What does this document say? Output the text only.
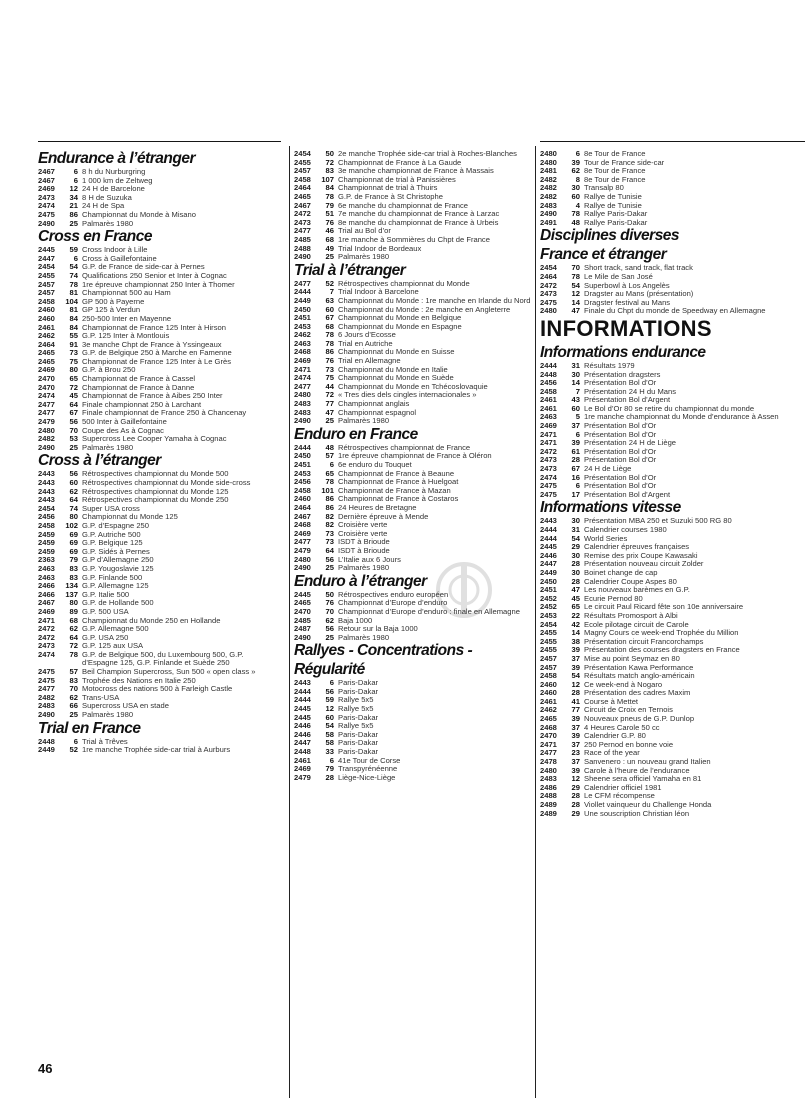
Endurance à l’étranger
2467	6 8 h du Nurburgring
2467	6 1 000 km de Zeltweg
2469	12 24 H de Barcelone
2473	34 8 H de Suzuka
2474	21 24 H de Spa
2475	86 Championnat du Monde à Misano
2490	25 Palmarès 1980
Cross en France
2445	59 Cross Indoor à Lille
2447	6 Cross à Gaillefontaine
2454	54 G.P. de France de side-car à Pernes
2455	74 Qualifications 250 Senior et Inter à Cognac
2457	78 1re épreuve championnat 250 Inter à Thomer
2457	81 Championnat 500 au Ham
2458	104 GP 500 à Payerne
2460	81 GP 125 à Verdun
2460	84 250-500 Inter en Mayenne
2461	84 Championnat de France 125 Inter à Hirson
2462	55 G.P. 125 Inter à Montlouis
2464	91 3e manche Chpt de France à Yssingeaux
2465	73 G.P. de Belgique 250 à Marche en Famenne
2465	75 Championnat de France 125 Inter à Le Grès
2469	80 G.P. à Brou 250
2470	65 Championnat de France à Cassel
2470	72 Championnat de France à Danne
2474	45 Championnat de France à Aibes 250 Inter
2477	64 Finale championnat 250 à Larchant
2477	67 Finale championnat de France 250 à Chancenay
2479	56 500 Inter à Gaillefontaine
2480	70 Coupe des As à Cognac
2482	53 Supercross Lee Cooper Yamaha à Cognac
2490	25 Palmarès 1980
Cross à l’étranger
2443	56 Rétrospectives championnat du Monde 500
2443	60 Rétrospectives championnat du Monde side-cross
2443	62 Rétrospectives championnat du Monde 125
2443	64 Rétrospectives championnat du Monde 250
2454	74 Super USA cross
2456	80 Championnat du Monde 125
2458	102 G.P. d’Espagne 250
2459	69 G.P. Autriche 500
2459	69 G.P. Belgique 125
2459	69 G.P. Sidés à Pernes
2363	79 G.P d’Allemagne 250
2463	83 G.P. Yougoslavie 125
2463	83 G.P. Finlande 500
2466	134 G.P. Allemagne 125
2466	137 G.P. Italie 500
2467	80 G.P. de Hollande 500
2469	89 G.P. 500 USA
2471	68 Championnat du Monde 250 en Hollande
2472	62 G.P. Allemagne 500
2472	64 G.P. USA 250
2473	72 G.P. 125 aux USA
2474	78 G.P. de Belgique 500, du Luxembourg 500, G.P. d’Espagne 125, G.P. Finlande et Suède 250
2475	57 Beil Champion Supercross, Sun 500 « open class »
2475	83 Trophée des Nations en Italie 250
2477	70 Motocross des nations 500 à Farleigh Castle
2482	62 Trans-USA
2483	66 Supercross USA en stade
2490	25 Palmarès 1980
Trial en France
2448	6 Trial à Trêves
2449	52 1re manche Trophée side-car trial à Aurburs
2454	50 2e manche Trophée side-car trial à Roches-Blanches
2455	72 Championnat de France à La Gaude
2457	83 3e manche championnat de France à Massais
2458	107 Championnat de trial à Panissières
2464	84 Championnat de trial à Thuirs
2465	78 G.P. de France à St Christophe
2467	79 6e manche du championnat de France
2472	51 7e manche du championnat de France à Larzac
2473	76 8e manche du championnat de France à Urbeis
2477	46 Trial au Bol d’or
2485	68 1re manche à Sommières du Chpt de France
2488	49 Trial Indoor de Bordeaux
2490	25 Palmarès 1980
Trial à l’étranger
2477	52 Rétrospectives championnat du Monde
2444	7 Trial Indoor à Barcelone
2449	63 Championnat du Monde : 1re manche en Irlande du Nord
2450	60 Championnat du Monde : 2e manche en Angleterre
2451	67 Championnat du Monde en Belgique
2453	68 Championnat du Monde en Espagne
2462	78 6 Jours d’Ecosse
2463	78 Trial en Autriche
2468	86 Championnat du Monde en Suisse
2469	76 Trial en Allemagne
2471	73 Championnat du Monde en Italie
2474	75 Championnat du Monde en Suède
2477	44 Championnat du Monde en Tchécoslovaquie
2480	72 « Tres dies dels cingles internacionales »
2483	77 Championnat anglais
2483	47 Championnat espagnol
2490	25 Palmarès 1980
Enduro en France
2444	48 Rétrospectives championnat de France
2450	57 1re épreuve championnat de France à Oléron
2451	6 6e enduro du Touquet
2453	65 Championnat de France à Beaune
2456	78 Championnat de France à Huelgoat
2458	101 Championnat de France à Mazan
2460	86 Championnat de France à Costaros
2464	86 24 Heures de Bretagne
2467	82 Dernière épreuve à Mende
2468	82 Croisière verte
2469	73 Croisière verte
2477	73 ISDT à Brioude
2479	64 ISDT à Brioude
2480	56 L’Italie aux 6 Jours
2490	25 Palmarès 1980
Enduro à l’étranger
2445	50 Rétrospectives enduro européen
2465	76 Championnat d’Europe d’enduro
2470	70 Championnat d’Europe d’enduro : finale en Allemagne
2485	62 Baja 1000
2487	56 Retour sur la Baja 1000
2490	25 Palmarès 1980
Rallyes - Concentrations -
Régularité
2443	6 Paris-Dakar
2444	56 Paris-Dakar
2444	59 Rallye 5x5
2445	12 Rallye 5x5
2445	60 Paris-Dakar
2446	54 Rallye 5x5
2446	58 Paris-Dakar
2447	58 Paris-Dakar
2448	33 Paris-Dakar
2461	6 41e Tour de Corse
2469	79 Transpyrénéenne
2479	28 Liège-Nice-Liège
2480	6 8e Tour de France
2480	39 Tour de France side-car
2481	62 8e Tour de France
2482	8 8e Tour de France
2482	30 Transalp 80
2482	60 Rallye de Tunisie
2483	4 Rallye de Tunisie
2490	78 Rallye Paris-Dakar
2491	48 Rallye Paris-Dakar
Disciplines diverses
France et étranger
2454	70 Short track, sand track, flat track
2464	78 Le Mile de San José
2472	54 Superbowl à Los Angelès
2473	12 Dragster au Mans (présentation)
2475	14 Dragster festival au Mans
2480	47 Finale du Chpt du monde de Speedway en Allemagne
INFORMATIONS
Informations endurance
2444	31 Résultats 1979
2448	30 Présentation dragsters
2456	14 Présentation Bol d’Or
2458	7 Présentation 24 H du Mans
2461	43 Présentation Bol d’Argent
2461	60 Le Bol d’Or 80 se retire du championnat du monde
2463	5 1re manche championnat du Monde d’endurance à Assen
2469	37 Présentation Bol d’Or
2471	6 Présentation Bol d’Or
2471	39 Présentation 24 H de Liège
2472	61 Présentation Bol d’Or
2473	28 Présentation Bol d’Or
2473	67 24 H de Liège
2474	16 Présentation Bol d’Or
2475	6 Présentation Bol d’Or
2475	17 Présentation Bol d’Argent
Informations vitesse
2443	30 Présentation MBA 250 et Suzuki 500 RG 80
2444	31 Calendrier courses 1980
2444	54 World Series
2445	29 Calendrier épreuves françaises
2446	30 Remise des prix Coupe Kawasaki
2447	28 Présentation nouveau circuit Zolder
2449	30 Boinet change de cap
2450	28 Calendrier Coupe Aspes 80
2451	47 Les nouveaux barèmes en G.P.
2452	45 Ecurie Pernod 80
2452	65 Le circuit Paul Ricard fête son 10e anniversaire
2453	22 Résultats Promosport à Albi
2454	42 Ecole pilotage circuit de Carole
2455	14 Magny Cours ce week-end Trophée du Million
2455	38 Présentation circuit Francorchamps
2455	39 Présentation des courses dragsters en France
2457	37 Mise au point Seymaz en 80
2457	39 Présentation Kawa Performance
2458	54 Résultats match anglo-américain
2460	12 Ce week-end à Nogaro
2460	28 Présentation des cadres Maxim
2461	41 Course à Mettet
2462	77 Circuit de Croix en Ternois
2465	39 Nouveaux pneus de G.P. Dunlop
2468	37 4 Heures Carole 50 cc
2470	39 Calendrier G.P. 80
2471	37 250 Pernod en bonne voie
2477	23 Race of the year
2478	37 Sanvenero : un nouveau grand Italien
2480	39 Carole à l’heure de l’endurance
2483	12 Sheene sera officiel Yamaha en 81
2486	29 Calendrier officiel 1981
2488	28 Le CFM récompense
2489	28 Viollet vainqueur du Challenge Honda
2489	29 Une souscription Christian léon
46
